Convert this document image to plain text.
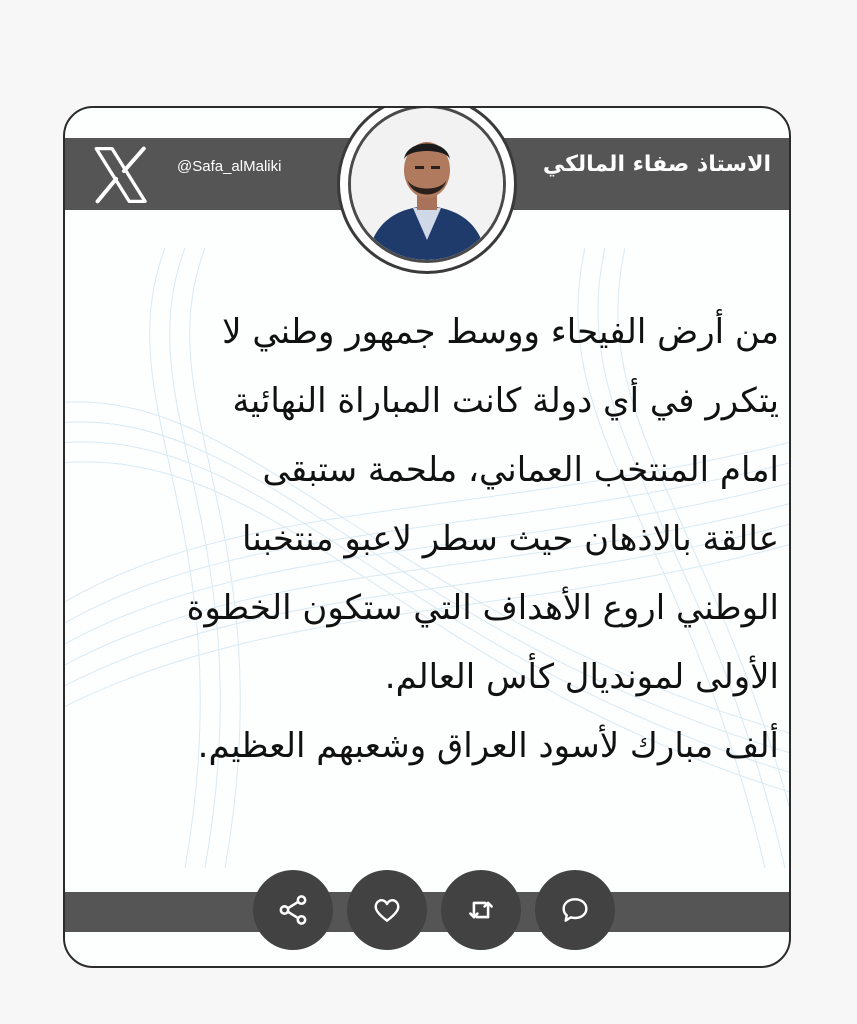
@Safa_alMaliki	الاستاذ صفاء المالكي

من أرض الفيحاء ووسط جمهور وطني لا

يتكرر في أي دولة كانت المباراة النهائية

امام المنتخب العماني، ملحمة ستبقى

عالقة بالاذهان حيث سطر لاعبو منتخبنا

الوطني اروع الأهداف التي ستكون الخطوة

الأولى لمونديال كأس العالم.

ألف مبارك لأسود العراق وشعبهم العظيم.
